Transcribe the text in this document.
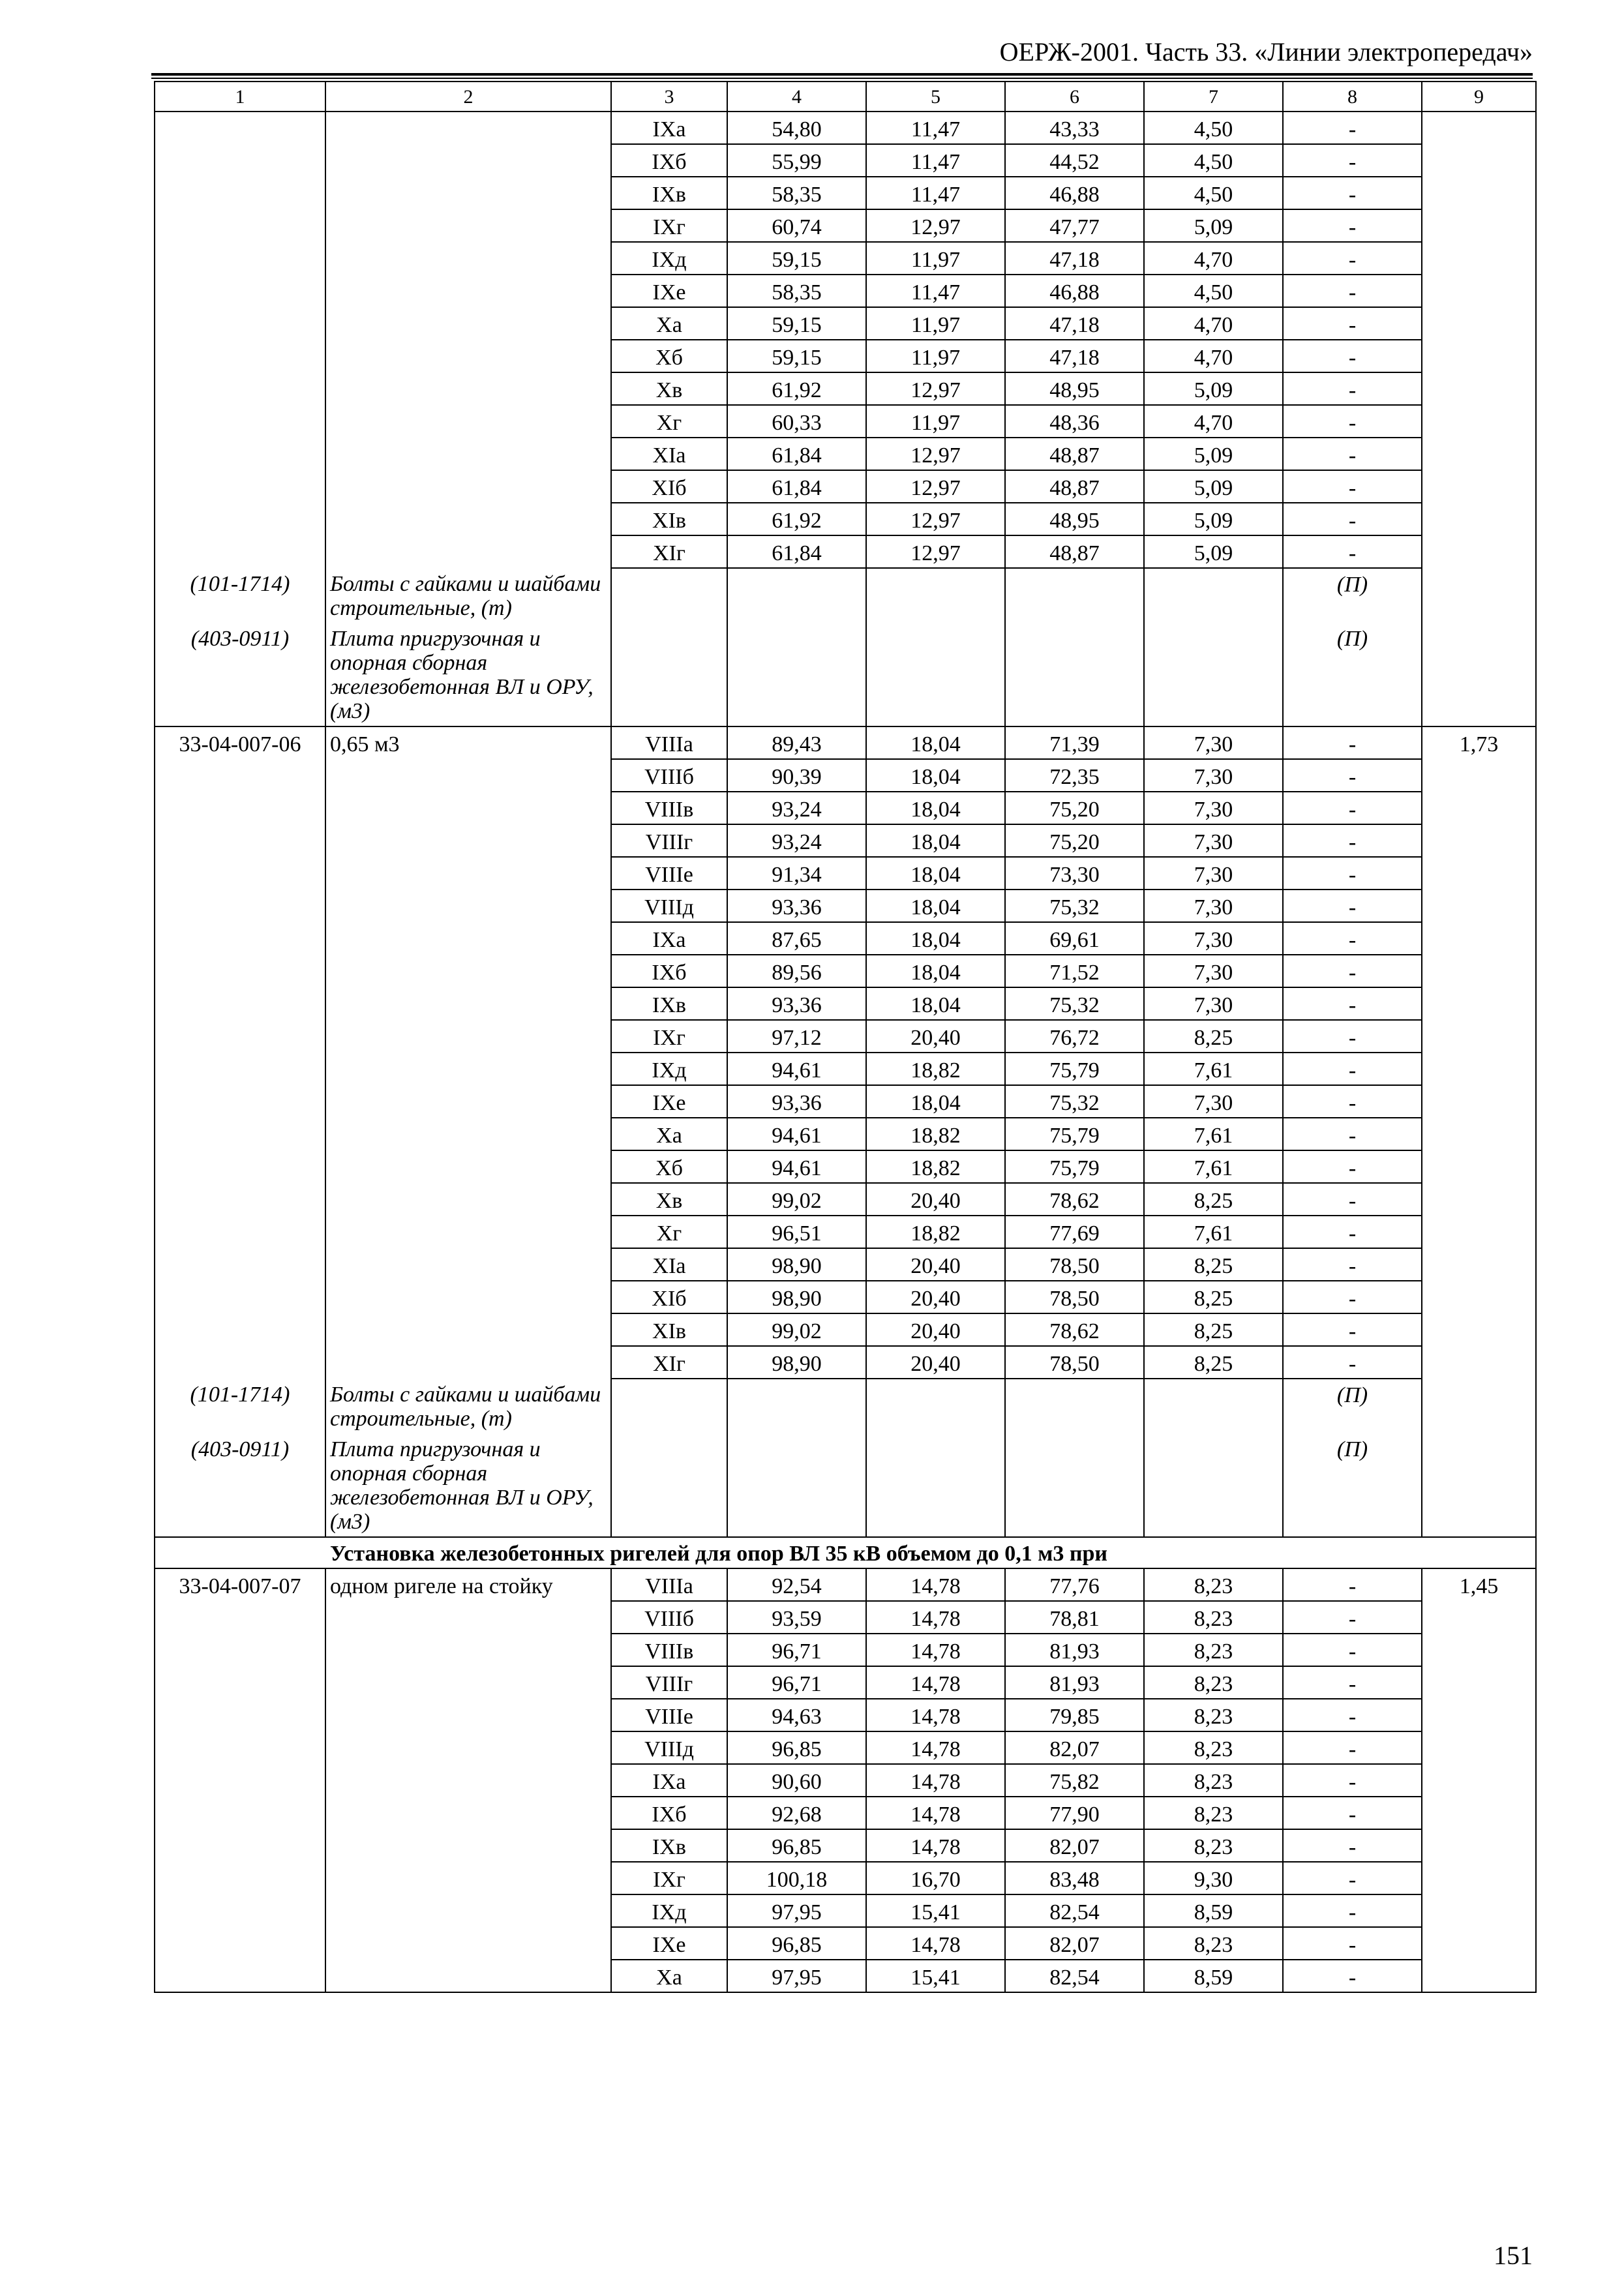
ОЕРЖ-2001. Часть 33. «Линии электропередач»
1	2	3	4	5	6	7	8	9
		IXа	54,80	11,47	43,33	4,50	-	
		IXб	55,99	11,47	44,52	4,50	-	
		IXв	58,35	11,47	46,88	4,50	-	
		IXг	60,74	12,97	47,77	5,09	-	
		IXд	59,15	11,97	47,18	4,70	-	
		IXе	58,35	11,47	46,88	4,50	-	
		Xа	59,15	11,97	47,18	4,70	-	
		Xб	59,15	11,97	47,18	4,70	-	
		Xв	61,92	12,97	48,95	5,09	-	
		Xг	60,33	11,97	48,36	4,70	-	
		XIа	61,84	12,97	48,87	5,09	-	
		XIб	61,84	12,97	48,87	5,09	-	
		XIв	61,92	12,97	48,95	5,09	-	
		XIг	61,84	12,97	48,87	5,09	-	
(101-1714)	Болты с гайками и шайбами строительные, (т)						(П)	
(403-0911)	Плита пригрузочная и опорная сборная железобетонная ВЛ и ОРУ, (м3)						(П)	
33-04-007-06	0,65 м3	VIIIа	89,43	18,04	71,39	7,30	-	1,73
		VIIIб	90,39	18,04	72,35	7,30	-	
		VIIIв	93,24	18,04	75,20	7,30	-	
		VIIIг	93,24	18,04	75,20	7,30	-	
		VIIIе	91,34	18,04	73,30	7,30	-	
		VIIIд	93,36	18,04	75,32	7,30	-	
		IXа	87,65	18,04	69,61	7,30	-	
		IXб	89,56	18,04	71,52	7,30	-	
		IXв	93,36	18,04	75,32	7,30	-	
		IXг	97,12	20,40	76,72	8,25	-	
		IXд	94,61	18,82	75,79	7,61	-	
		IXе	93,36	18,04	75,32	7,30	-	
		Xа	94,61	18,82	75,79	7,61	-	
		Xб	94,61	18,82	75,79	7,61	-	
		Xв	99,02	20,40	78,62	8,25	-	
		Xг	96,51	18,82	77,69	7,61	-	
		XIа	98,90	20,40	78,50	8,25	-	
		XIб	98,90	20,40	78,50	8,25	-	
		XIв	99,02	20,40	78,62	8,25	-	
		XIг	98,90	20,40	78,50	8,25	-	
(101-1714)	Болты с гайками и шайбами строительные, (т)						(П)	
(403-0911)	Плита пригрузочная и опорная сборная железобетонная ВЛ и ОРУ, (м3)						(П)	
Установка железобетонных ригелей для опор ВЛ 35 кВ объемом до 0,1 м3 при								
33-04-007-07	одном ригеле на стойку	VIIIа	92,54	14,78	77,76	8,23	-	1,45
		VIIIб	93,59	14,78	78,81	8,23	-	
		VIIIв	96,71	14,78	81,93	8,23	-	
		VIIIг	96,71	14,78	81,93	8,23	-	
		VIIIе	94,63	14,78	79,85	8,23	-	
		VIIIд	96,85	14,78	82,07	8,23	-	
		IXа	90,60	14,78	75,82	8,23	-	
		IXб	92,68	14,78	77,90	8,23	-	
		IXв	96,85	14,78	82,07	8,23	-	
		IXг	100,18	16,70	83,48	9,30	-	
		IXд	97,95	15,41	82,54	8,59	-	
		IXе	96,85	14,78	82,07	8,23	-	
		Xа	97,95	15,41	82,54	8,59	-	
151
